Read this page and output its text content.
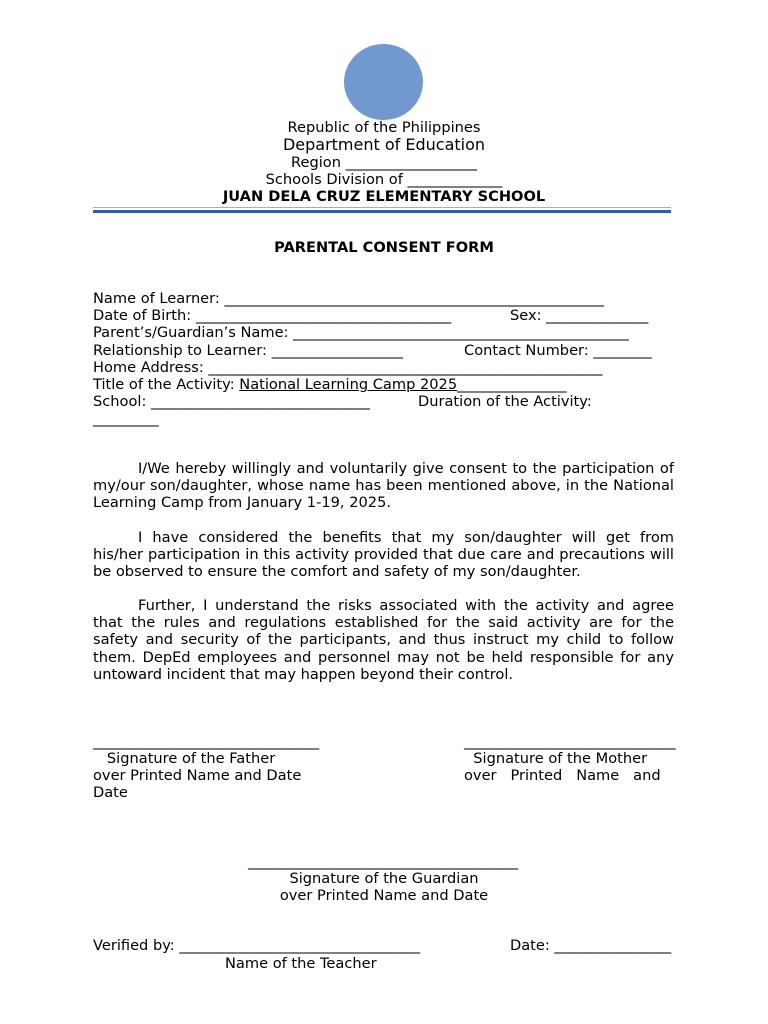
Republic of the Philippines
Department of Education
Region __________________
Schools Division of _____________
JUAN DELA CRUZ ELEMENTARY SCHOOL
PARENTAL CONSENT FORM
Name of Learner: ____________________________________________________
Date of Birth: ___________________________________	Sex: ______________
Parent’s/Guardian’s Name: ______________________________________________
Relationship to Learner: __________________	Contact Number: ________
Home Address: ______________________________________________________
Title of the Activity: National Learning Camp 2025_______________
School: ______________________________	Duration of the Activity:
_________

I/We hereby willingly and voluntarily give consent to the participation of my/our son/daughter, whose name has been mentioned above, in the National Learning Camp from January 1-19, 2025.

I have considered the benefits that my son/daughter will get from his/her participation in this activity provided that due care and precautions will be observed to ensure the comfort and safety of my son/daughter.

Further, I understand the risks associated with the activity and agree that the rules and regulations established for the said activity are for the safety and security of the participants, and thus instruct my child to follow them. DepEd employees and personnel may not be held responsible for any untoward incident that may happen beyond their control.

_______________________________
Signature of the Father
over Printed Name and Date
Date
_____________________________
Signature of the Mother
over   Printed   Name   and
_____________________________________
Signature of the Guardian
over Printed Name and Date
Verified by: _________________________________	Date: ________________
Name of the Teacher
